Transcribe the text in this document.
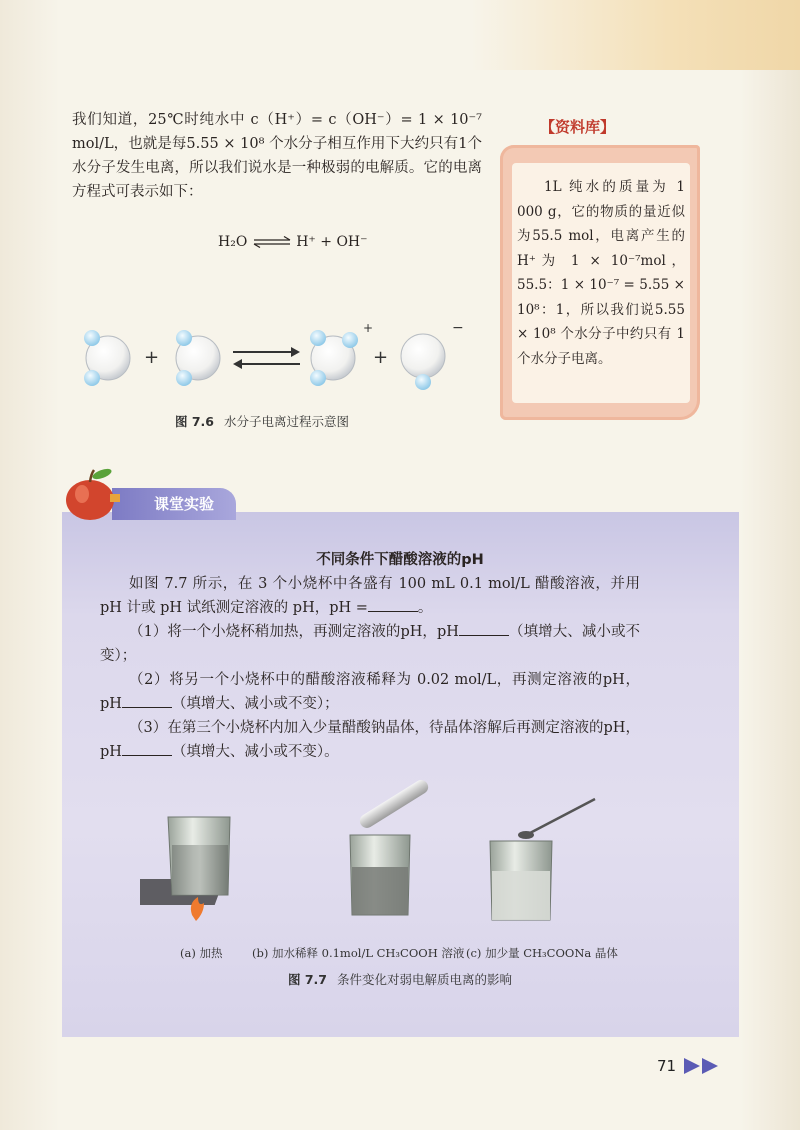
我们知道，25℃时纯水中 c（H⁺）= c（OH⁻）= 1 × 10⁻⁷ mol/L，也就是每5.55 × 10⁸ 个水分子相互作用下大约只有1个水分子发生电离，所以我们说水是一种极弱的电解质。它的电离方程式可表示如下：

H₂O ⇌ H⁺ + OH⁻
【资料库】

1L 纯水的质量为 1 000 g，它的物质的量近似为55.5 mol，电离产生的H⁺为 1 × 10⁻⁷mol，55.5：1 × 10⁻⁷ = 5.55 × 10⁸：1，所以我们说5.55 × 10⁸ 个水分子中约只有 1 个水分子电离。

+
+
+
−
图 7.6 水分子电离过程示意图
课堂实验
不同条件下醋酸溶液的pH

如图 7.7 所示，在 3 个小烧杯中各盛有 100 mL 0.1 mol/L 醋酸溶液，并用pH 计或 pH 试纸测定溶液的 pH，pH =	。

（1）将一个小烧杯稍加热，再测定溶液的pH，pH	（填增大、减小或不变）；

（2）将另一个小烧杯中的醋酸溶液稀释为 0.02 mol/L，再测定溶液的pH，pH	（填增大、减小或不变）；

（3）在第三个小烧杯内加入少量醋酸钠晶体，待晶体溶解后再测定溶液的pH，pH	（填增大、减小或不变）。

(a) 加热	(b) 加水稀释 0.1mol/L CH₃COOH 溶液 (c) 加少量 CH₃COONa 晶体
图 7.7 条件变化对弱电解质电离的影响
71
